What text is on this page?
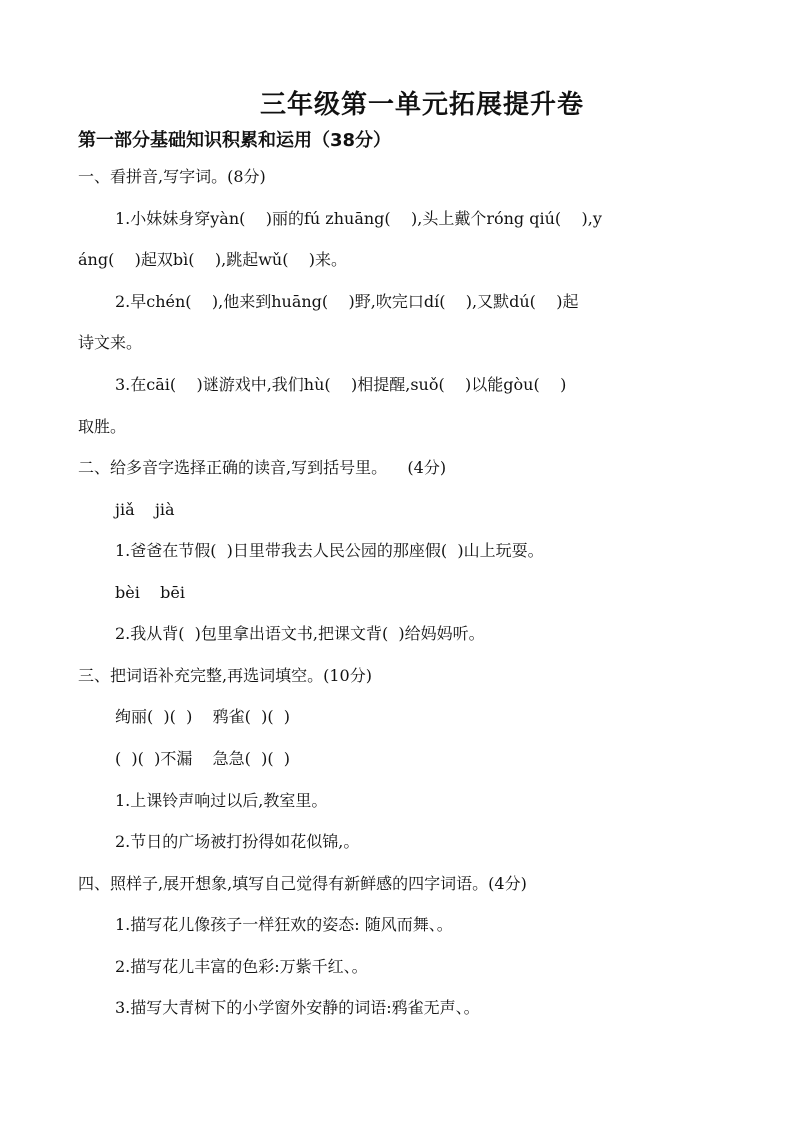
三年级第一单元拓展提升卷
第一部分基础知识积累和运用（38分）
一、看拼音,写字词。(8分)
1.小妹妹身穿yàn(    )丽的fú zhuāng(    ),头上戴个róng qiú(    ),y
áng(    )起双bì(    ),跳起wǔ(    )来。
2.早chén(    ),他来到huāng(    )野,吹完口dí(    ),又默dú(    )起
诗文来。
3.在cāi(    )谜游戏中,我们hù(    )相提醒,suǒ(    )以能gòu(    )
取胜。
二、给多音字选择正确的读音,写到括号里。    (4分)
jiǎ    jià
1.爸爸在节假(  )日里带我去人民公园的那座假(  )山上玩耍。
bèi    bēi
2.我从背(  )包里拿出语文书,把课文背(  )给妈妈听。
三、把词语补充完整,再选词填空。(10分)
绚丽(  )(  )    鸦雀(  )(  )
(  )(  )不漏    急急(  )(  )
1.上课铃声响过以后,教室里。
2.节日的广场被打扮得如花似锦,。
四、照样子,展开想象,填写自己觉得有新鲜感的四字词语。(4分)
1.描写花儿像孩子一样狂欢的姿态: 随风而舞、。
2.描写花儿丰富的色彩:万紫千红、。
3.描写大青树下的小学窗外安静的词语:鸦雀无声、。
